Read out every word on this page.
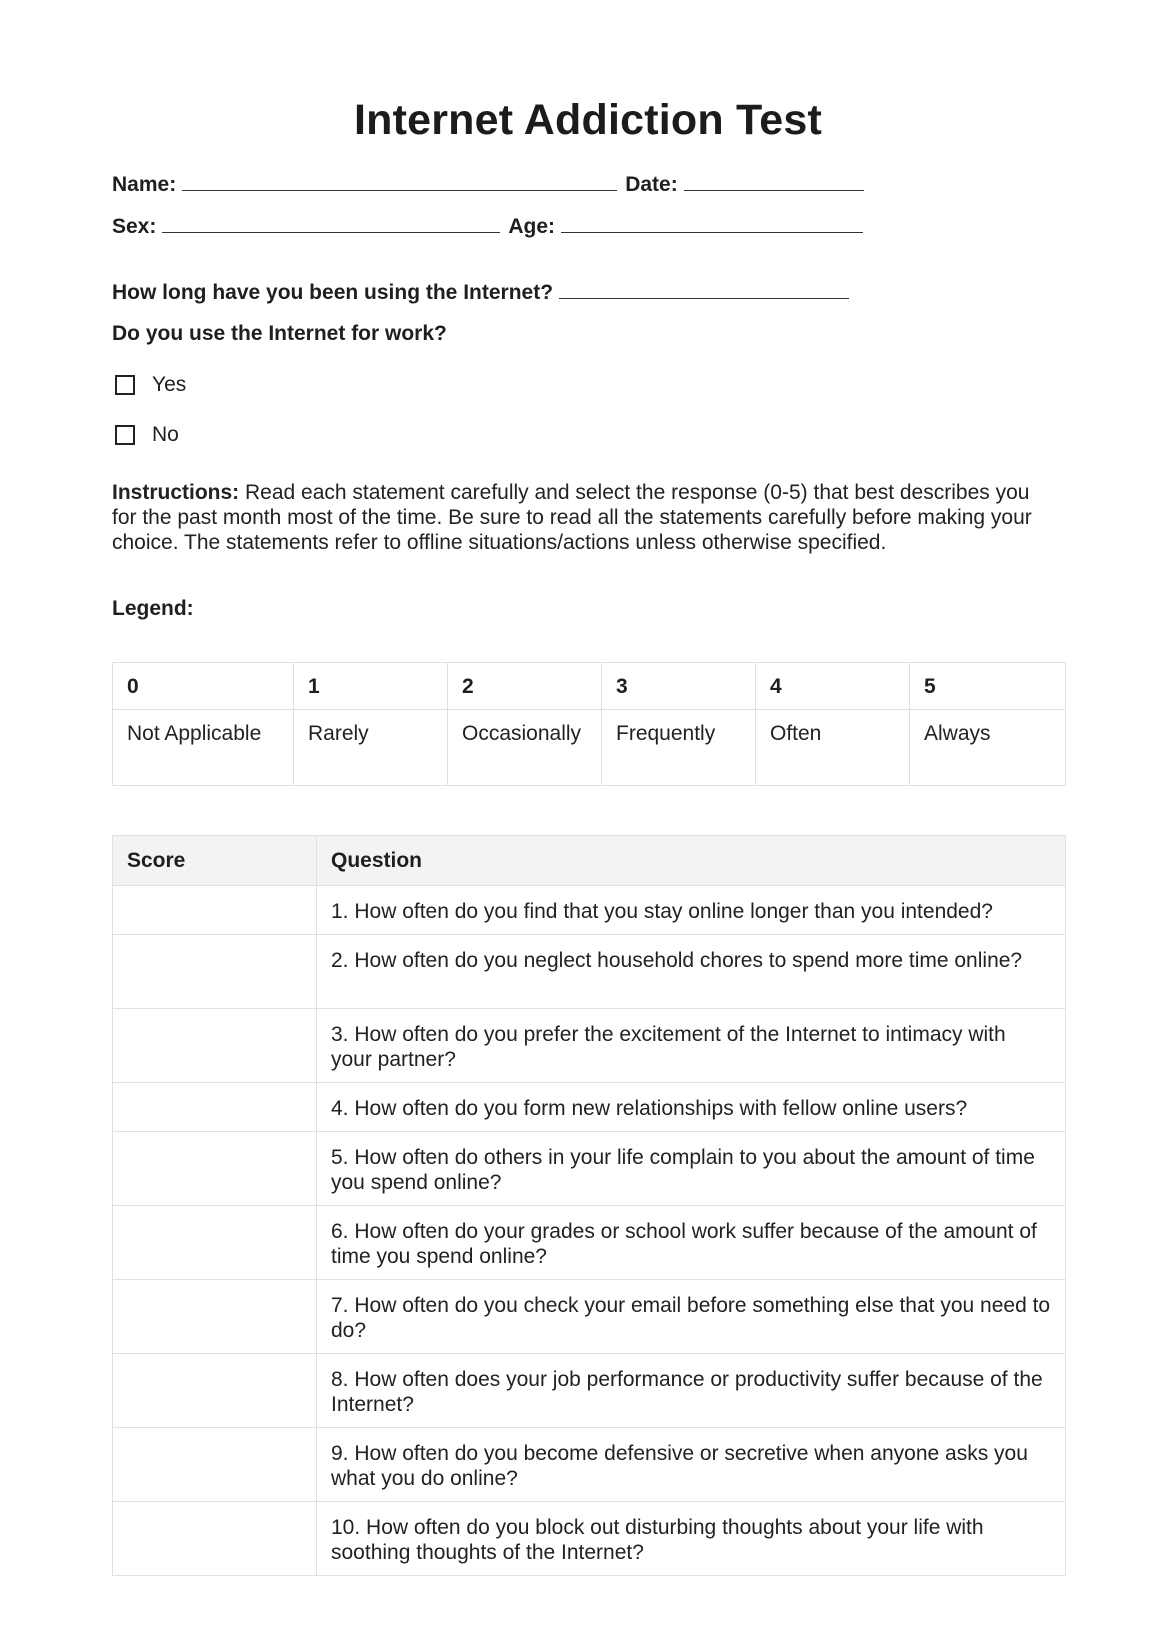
Internet Addiction Test
Name:	Date:
Sex:	Age:
How long have you been using the Internet?
Do you use the Internet for work?
Yes
No
Instructions: Read each statement carefully and select the response (0-5) that best describes you for the past month most of the time. Be sure to read all the statements carefully before making your choice. The statements refer to offline situations/actions unless otherwise specified.
Legend:
0	1	2	3	4	5
Not Applicable	Rarely	Occasionally	Frequently	Often	Always
Score	Question
	1. How often do you find that you stay online longer than you intended?
	2. How often do you neglect household chores to spend more time online?
	3. How often do you prefer the excitement of the Internet to intimacy with your partner?
	4. How often do you form new relationships with fellow online users?
	5. How often do others in your life complain to you about the amount of time you spend online?
	6. How often do your grades or school work suffer because of the amount of time you spend online?
	7. How often do you check your email before something else that you need to do?
	8. How often does your job performance or productivity suffer because of the Internet?
	9. How often do you become defensive or secretive when anyone asks you what you do online?
	10. How often do you block out disturbing thoughts about your life with soothing thoughts of the Internet?
